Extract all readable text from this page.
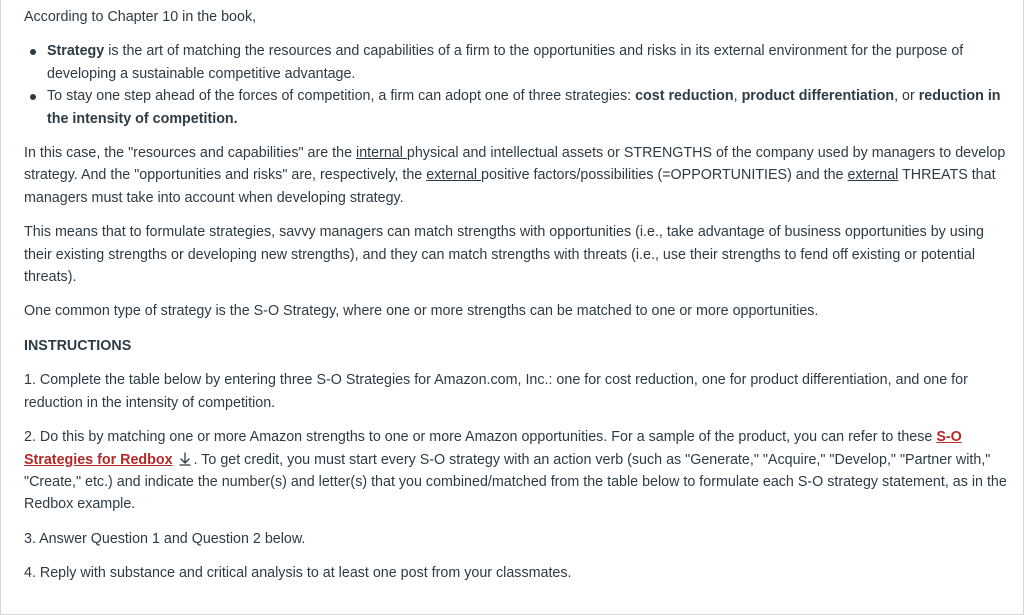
According to Chapter 10 in the book,

Strategy is the art of matching the resources and capabilities of a firm to the opportunities and risks in its external environment for the purpose of developing a sustainable competitive advantage.
To stay one step ahead of the forces of competition, a firm can adopt one of three strategies: cost reduction, product differentiation, or reduction in the intensity of competition.

In this case, the "resources and capabilities" are the internal physical and intellectual assets or STRENGTHS of the company used by managers to develop strategy. And the "opportunities and risks" are, respectively, the external positive factors/possibilities (=OPPORTUNITIES) and the external THREATS that managers must take into account when developing strategy.

This means that to formulate strategies, savvy managers can match strengths with opportunities (i.e., take advantage of business opportunities by using their existing strengths or developing new strengths), and they can match strengths with threats (i.e., use their strengths to fend off existing or potential threats).

One common type of strategy is the S-O Strategy, where one or more strengths can be matched to one or more opportunities.

INSTRUCTIONS

1. Complete the table below by entering three S-O Strategies for Amazon.com, Inc.: one for cost reduction, one for product differentiation, and one for reduction in the intensity of competition.

2. Do this by matching one or more Amazon strengths to one or more Amazon opportunities. For a sample of the product, you can refer to these S-O Strategies for Redbox . To get credit, you must start every S-O strategy with an action verb (such as "Generate," "Acquire," "Develop," "Partner with," "Create," etc.) and indicate the number(s) and letter(s) that you combined/matched from the table below to formulate each S-O strategy statement, as in the Redbox example.

3. Answer Question 1 and Question 2 below.

4. Reply with substance and critical analysis to at least one post from your classmates.
